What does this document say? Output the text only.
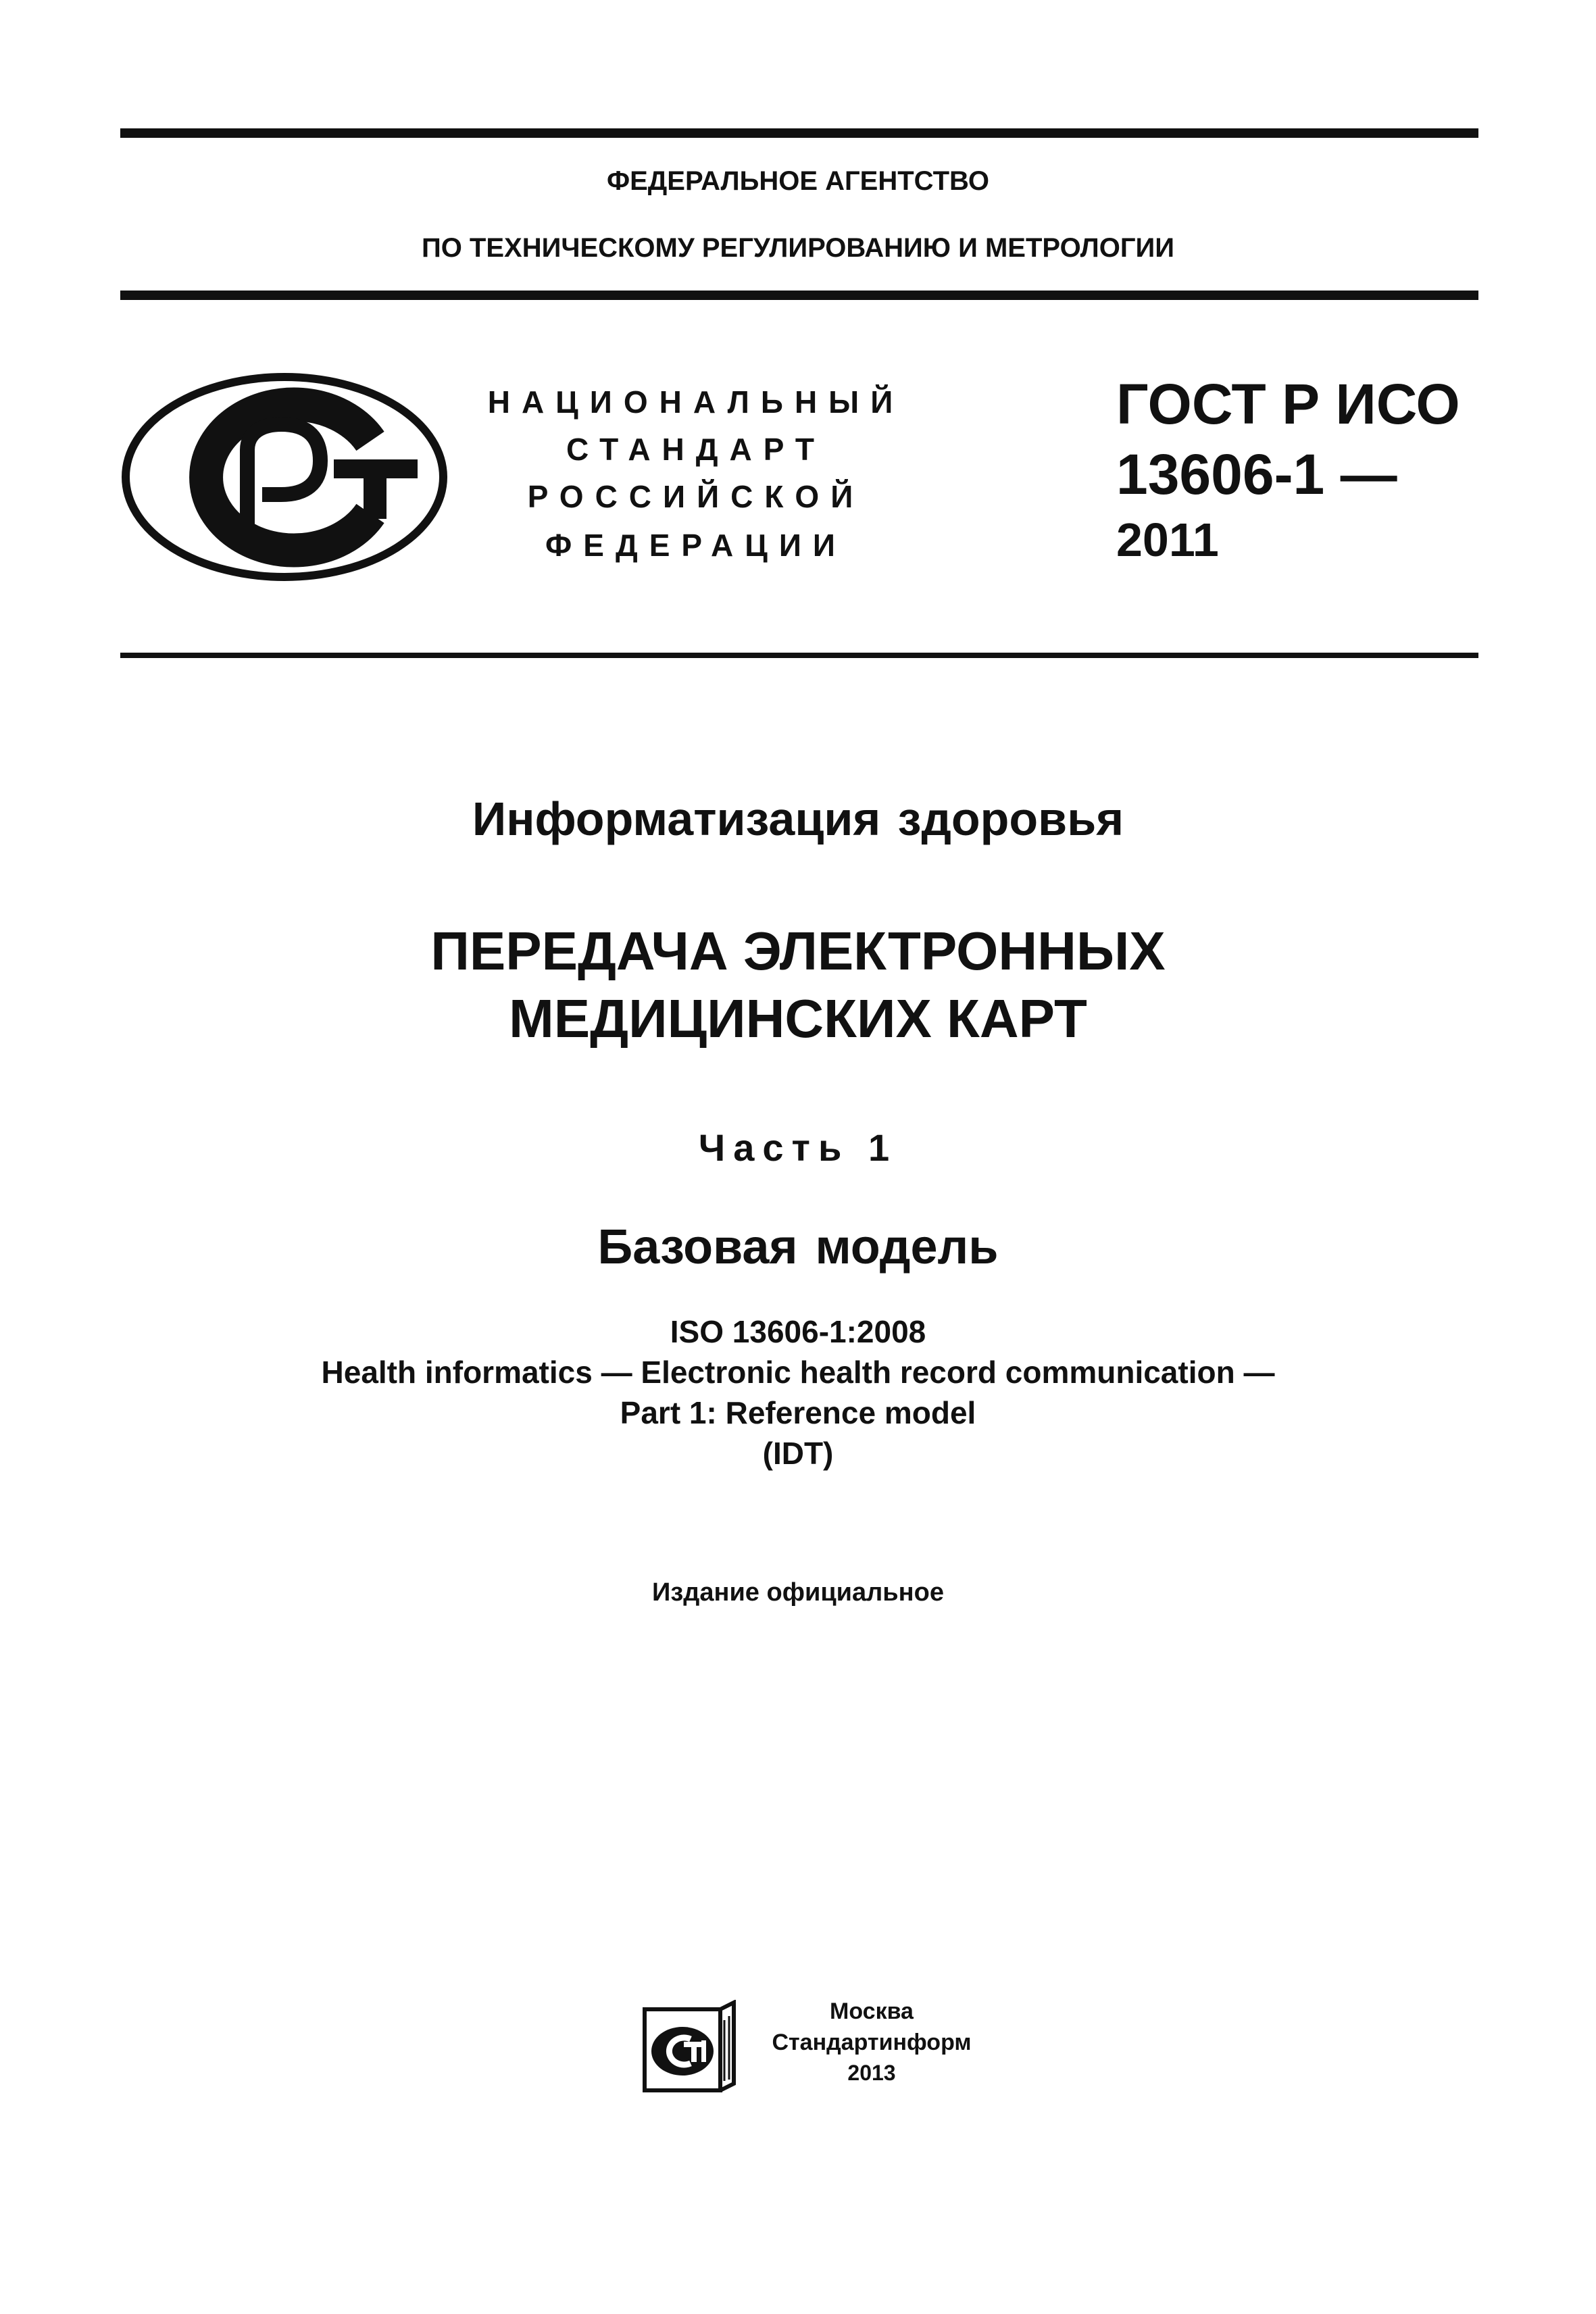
ФЕДЕРАЛЬНОЕ АГЕНТСТВО
ПО ТЕХНИЧЕСКОМУ РЕГУЛИРОВАНИЮ И МЕТРОЛОГИИ
НАЦИОНАЛЬНЫЙ
СТАНДАРТ
РОССИЙСКОЙ
ФЕДЕРАЦИИ
ГОСТ Р ИСО
13606-1 —
2011
Информатизация здоровья
ПЕРЕДАЧА ЭЛЕКТРОННЫХ
МЕДИЦИНСКИХ КАРТ
Часть 1
Базовая модель
ISO 13606-1:2008
Health informatics — Electronic health record communication —
Part 1: Reference model
(IDT)
Издание официальное
Москва
Стандартинформ
2013
